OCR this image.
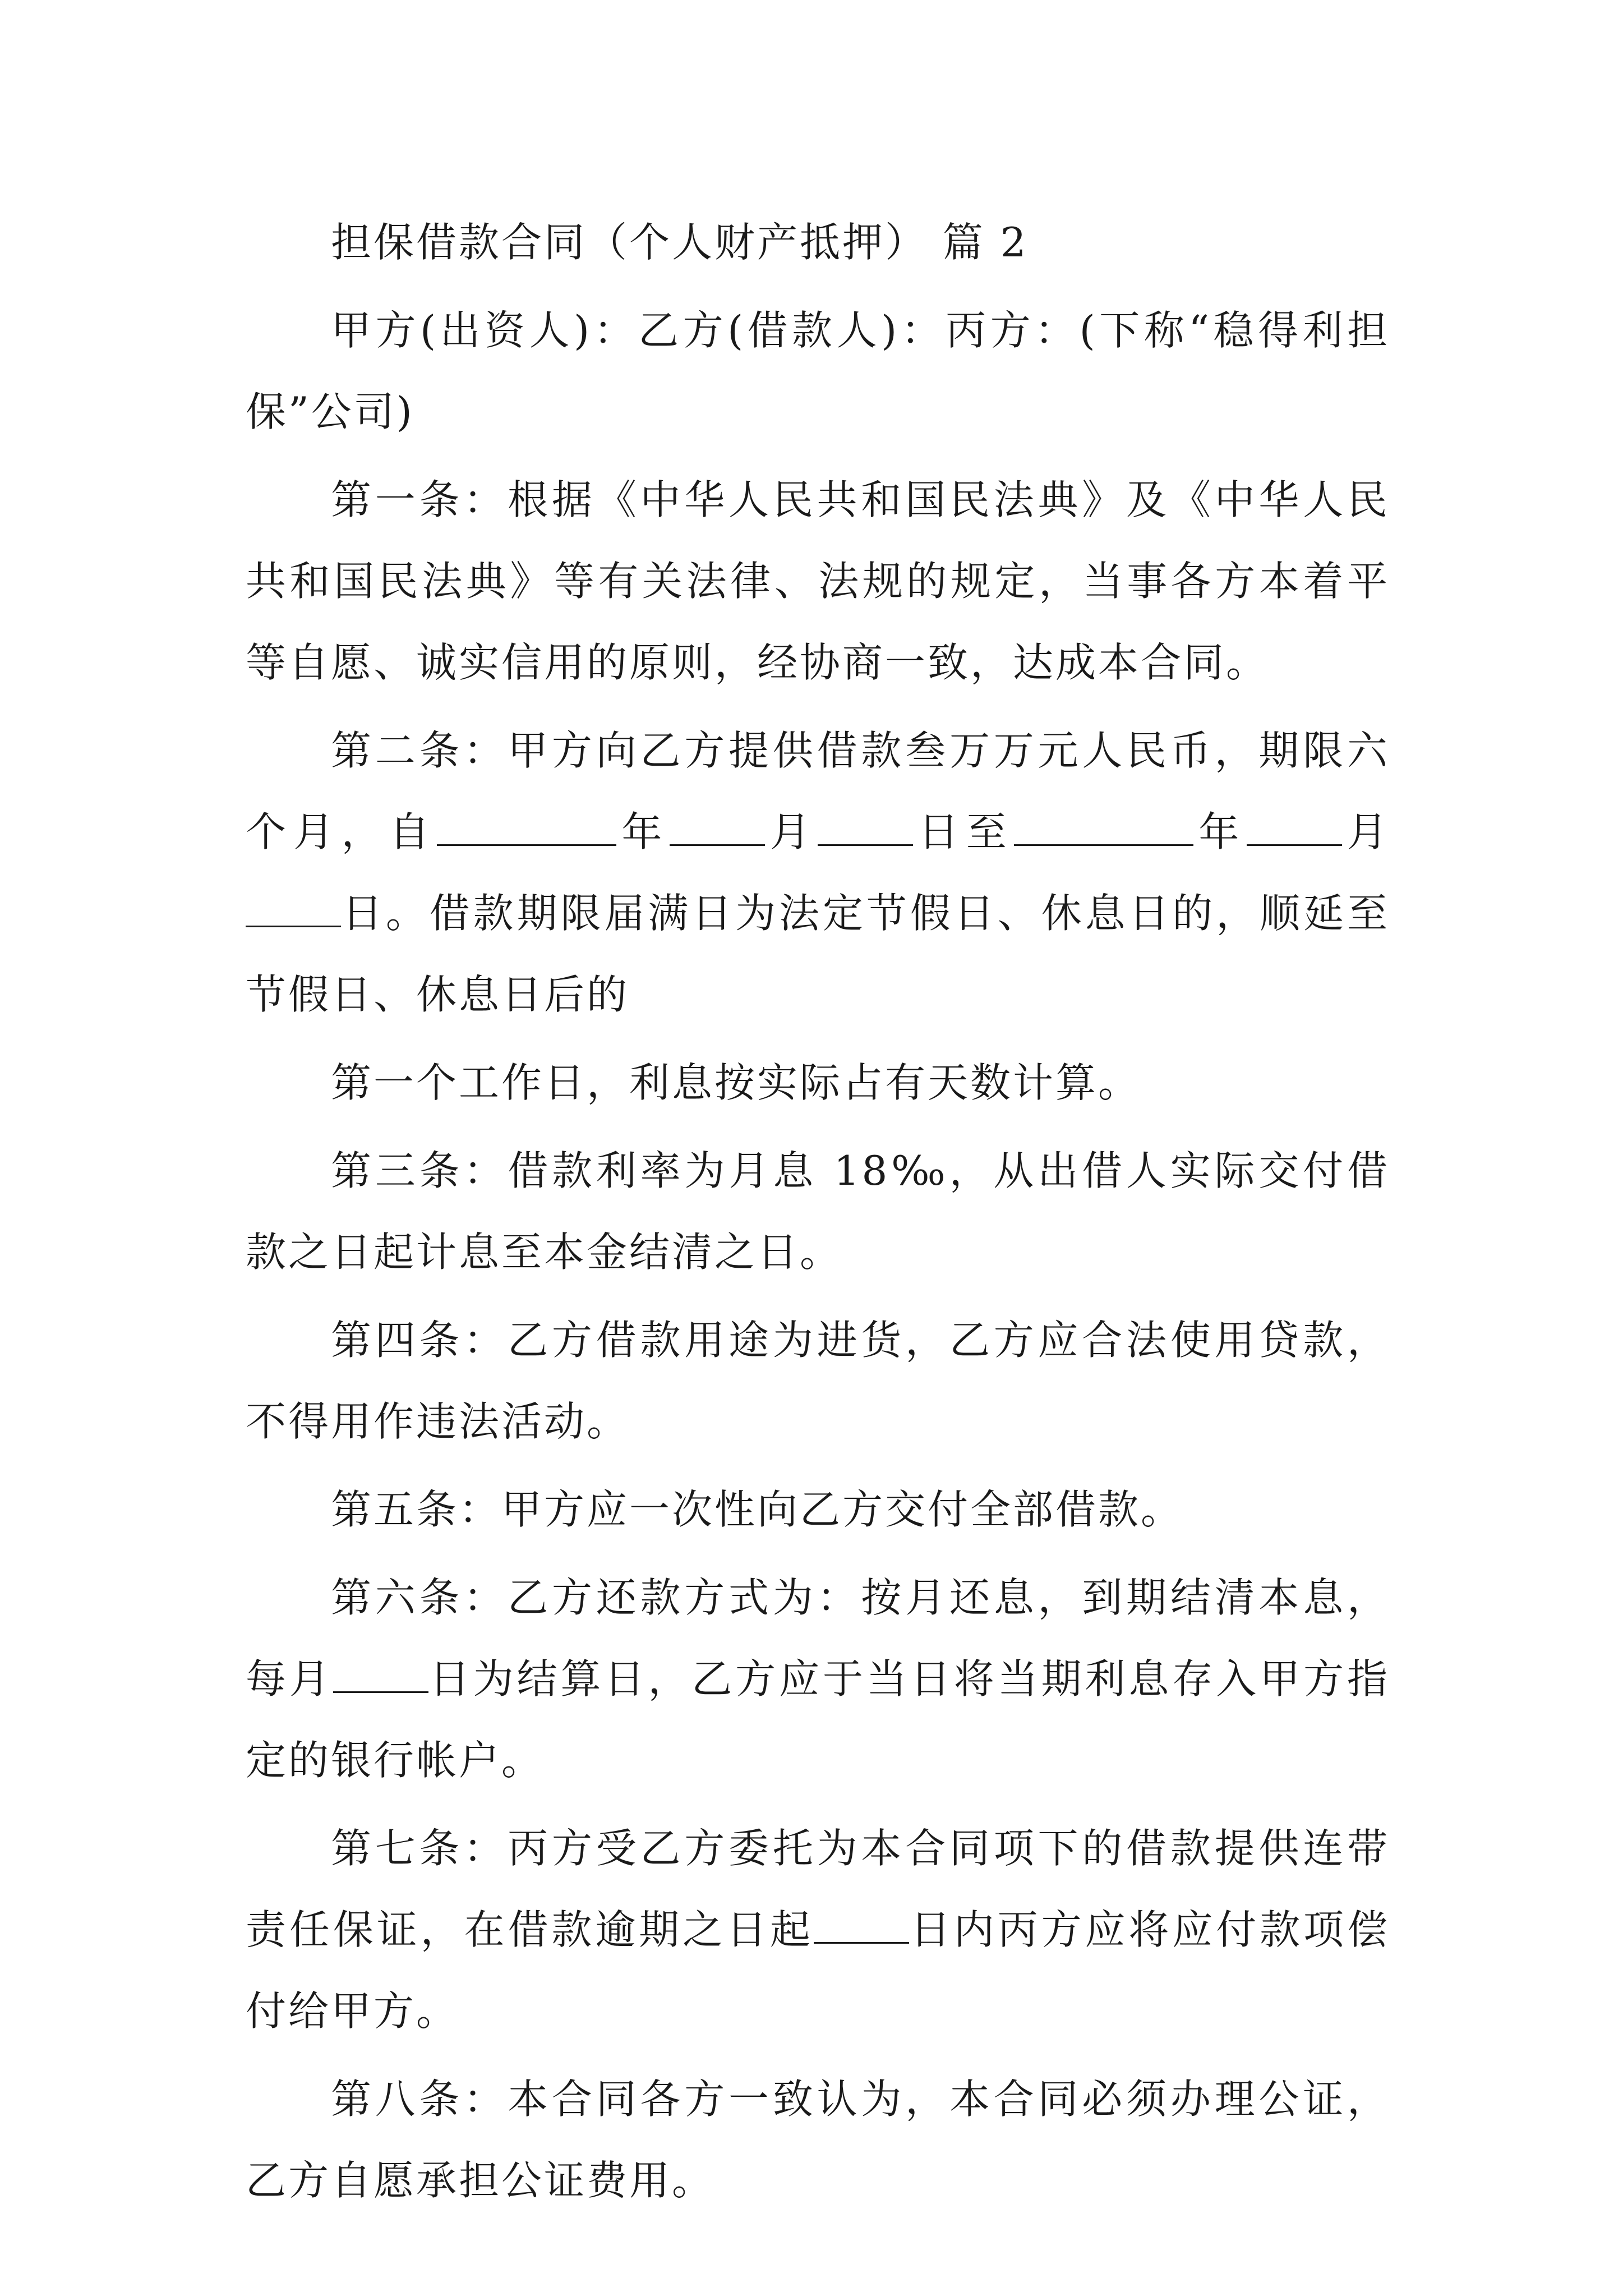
担保借款合同（个人财产抵押） 篇 2

甲方(出资人)：乙方(借款人)：丙方：(下称“稳得利担保”公司)

第一条：根据《中华人民共和国民法典》及《中华人民共和国民法典》等有关法律、法规的规定，当事各方本着平等自愿、诚实信用的原则，经协商一致，达成本合同。

第二条：甲方向乙方提供借款叁万万元人民币，期限六个月，自	年 月 日至	年 月日。借款期限届满日为法定节假日、休息日的，顺延至节假日、休息日后的

第一个工作日，利息按实际占有天数计算。

第三条：借款利率为月息 18‰，从出借人实际交付借款之日起计息至本金结清之日。

第四条：乙方借款用途为进货，乙方应合法使用贷款，不得用作违法活动。

第五条：甲方应一次性向乙方交付全部借款。

第六条：乙方还款方式为：按月还息，到期结清本息，每月 日为结算日，乙方应于当日将当期利息存入甲方指定的银行帐户。

第七条：丙方受乙方委托为本合同项下的借款提供连带责任保证，在借款逾期之日起 日内丙方应将应付款项偿付给甲方。

第八条：本合同各方一致认为，本合同必须办理公证，乙方自愿承担公证费用。
